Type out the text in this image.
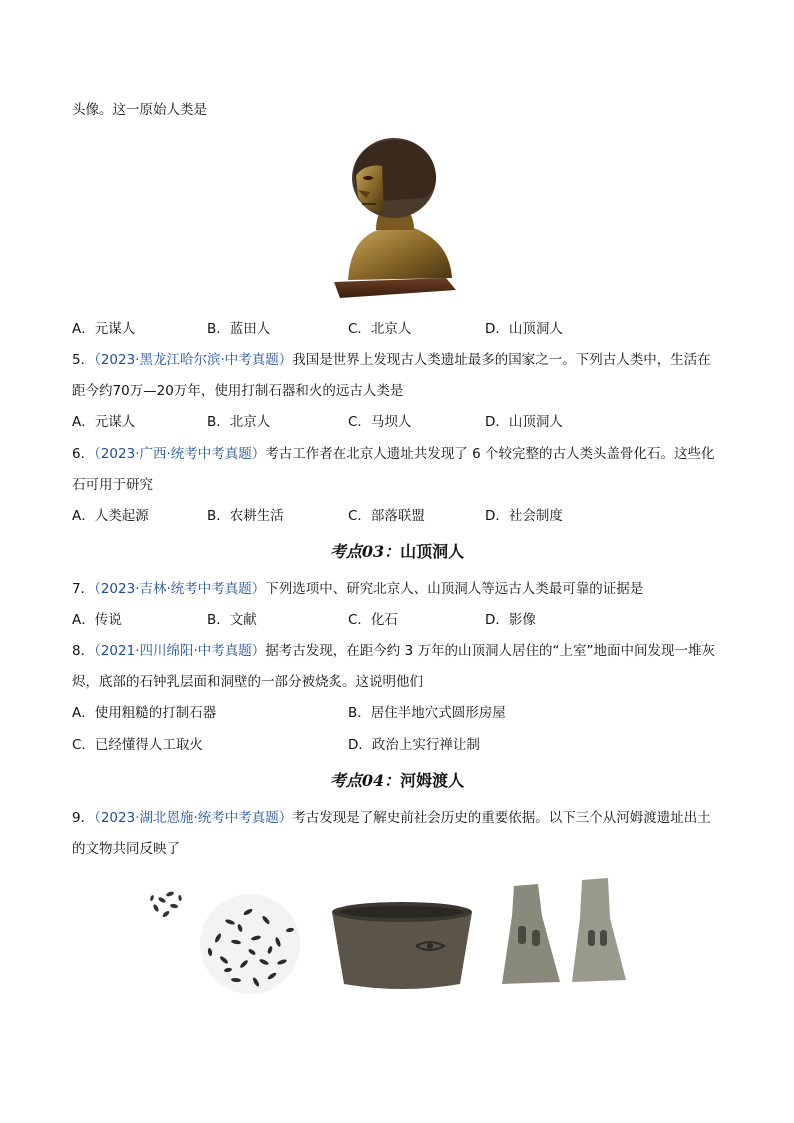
头像。这一原始人类是
A．元谋人	B．蓝田人	C．北京人	D．山顶洞人
5．（2023·黑龙江哈尔滨·中考真题）我国是世界上发现古人类遗址最多的国家之一。下列古人类中，生活在
距今约70万—20万年，使用打制石器和火的远古人类是
A．元谋人	B．北京人	C．马坝人	D．山顶洞人
6．（2023·广西·统考中考真题）考古工作者在北京人遗址共发现了 6 个较完整的古人类头盖骨化石。这些化
石可用于研究
A．人类起源	B．农耕生活	C．部落联盟	D．社会制度
考点03：山顶洞人
7．（2023·吉林·统考中考真题）下列选项中、研究北京人、山顶洞人等远古人类最可靠的证据是
A．传说	B．文献	C．化石	D．影像
8．（2021·四川绵阳·中考真题）据考古发现，在距今约 3 万年的山顶洞人居住的“上室”地面中间发现一堆灰
烬，底部的石钟乳层面和洞壁的一部分被烧炙。这说明他们
A．使用粗糙的打制石器	B．居住半地穴式圆形房屋
C．已经懂得人工取火	D．政治上实行禅让制
考点04：河姆渡人
9．（2023·湖北恩施·统考中考真题）考古发现是了解史前社会历史的重要依据。以下三个从河姆渡遗址出土
的文物共同反映了
